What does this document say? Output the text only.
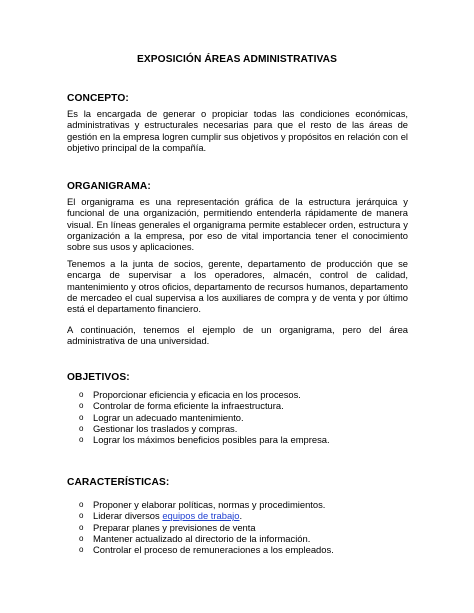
EXPOSICIÓN ÁREAS ADMINISTRATIVAS
CONCEPTO:
Es la encargada de generar o propiciar todas las condiciones económicas, administrativas y estructurales necesarias para que el resto de las áreas de gestión en la empresa logren cumplir sus objetivos y propósitos en relación con el objetivo principal de la compañía.
ORGANIGRAMA:
El organigrama es una representación gráfica de la estructura jerárquica y funcional de una organización, permitiendo entenderla rápidamente de manera visual. En líneas generales el organigrama permite establecer orden, estructura y organización a la empresa, por eso de vital importancia tener el conocimiento sobre sus usos y aplicaciones.
Tenemos a la junta de socios, gerente, departamento de producción que se encarga de supervisar a los operadores, almacén, control de calidad, mantenimiento y otros oficios, departamento de recursos humanos, departamento de mercadeo el cual supervisa a los auxiliares de compra y de venta y por último está el departamento financiero.
A continuación, tenemos el ejemplo de un organigrama, pero del área administrativa de una universidad.
OBJETIVOS:
o Proporcionar eficiencia y eficacia en los procesos.
o Controlar de forma eficiente la infraestructura.
o Lograr un adecuado mantenimiento.
o Gestionar los traslados y compras.
o Lograr los máximos beneficios posibles para la empresa.
CARACTERÍSTICAS:
o Proponer y elaborar políticas, normas y procedimientos.
o Liderar diversos equipos de trabajo.
o Preparar planes y previsiones de venta
o Mantener actualizado al directorio de la información.
o Controlar el proceso de remuneraciones a los empleados.
